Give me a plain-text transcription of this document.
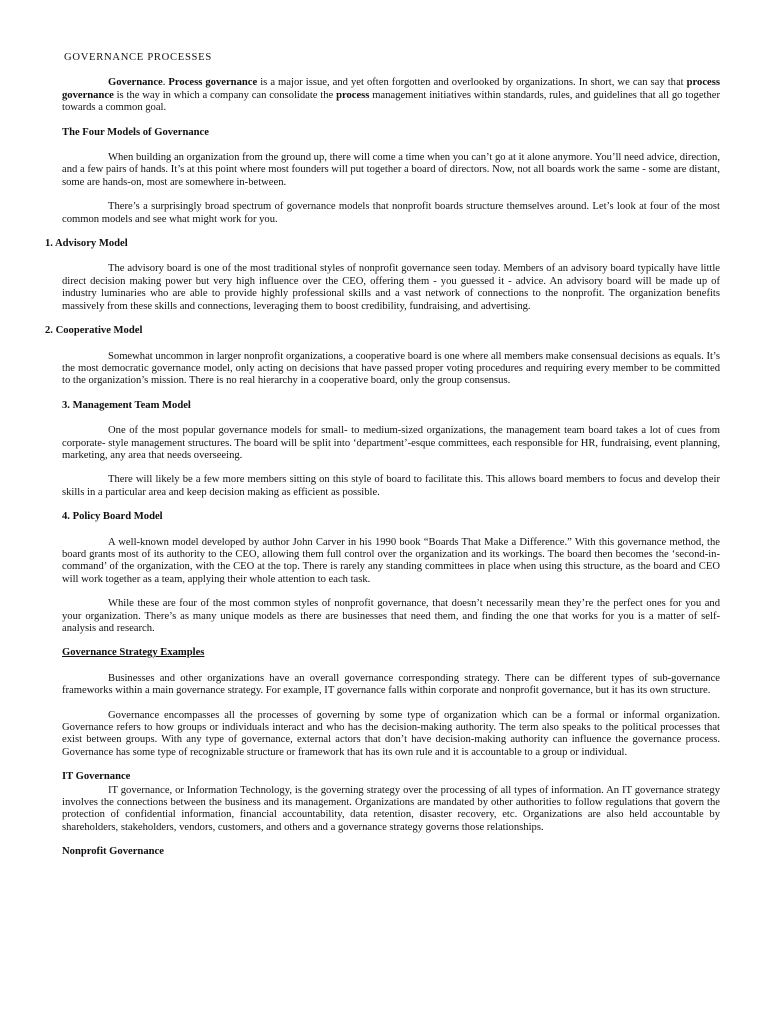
GOVERNANCE PROCESSES

Governance. Process governance is a major issue, and yet often forgotten and overlooked by organizations. In short, we can say that process governance is the way in which a company can consolidate the process management initiatives within standards, rules, and guidelines that all go together towards a common goal.

The Four Models of Governance

When building an organization from the ground up, there will come a time when you can’t go at it alone anymore. You’ll need advice, direction, and a few pairs of hands. It’s at this point where most founders will put together a board of directors. Now, not all boards work the same - some are distant, some are hands-on, most are somewhere in-between.

There’s a surprisingly broad spectrum of governance models that nonprofit boards structure themselves around. Let’s look at four of the most common models and see what might work for you.

1. Advisory Model

The advisory board is one of the most traditional styles of nonprofit governance seen today. Members of an advisory board typically have little direct decision making power but very high influence over the CEO, offering them - you guessed it - advice. An advisory board will be made up of industry luminaries who are able to provide highly professional skills and a vast network of connections to the nonprofit. The organization benefits massively from these skills and connections, leveraging them to boost credibility, fundraising, and advertising.

2. Cooperative Model

Somewhat uncommon in larger nonprofit organizations, a cooperative board is one where all members make consensual decisions as equals. It’s the most democratic governance model, only acting on decisions that have passed proper voting procedures and requiring every member to be committed to the organization’s mission. There is no real hierarchy in a cooperative board, only the group consensus.

3. Management Team Model

One of the most popular governance models for small- to medium-sized organizations, the management team board takes a lot of cues from corporate- style management structures. The board will be split into ‘department’-esque committees, each responsible for HR, fundraising, event planning, marketing, any area that needs overseeing.

There will likely be a few more members sitting on this style of board to facilitate this. This allows board members to focus and develop their skills in a particular area and keep decision making as efficient as possible.

4. Policy Board Model

A well-known model developed by author John Carver in his 1990 book “Boards That Make a Difference.” With this governance method, the board grants most of its authority to the CEO, allowing them full control over the organization and its workings. The board then becomes the ‘second-in-command’ of the organization, with the CEO at the top. There is rarely any standing committees in place when using this structure, as the board and CEO will work together as a team, applying their whole attention to each task.

While these are four of the most common styles of nonprofit governance, that doesn’t necessarily mean they’re the perfect ones for you and your organization. There’s as many unique models as there are businesses that need them, and finding the one that works for you is a matter of self-analysis and research.

Governance Strategy Examples

Businesses and other organizations have an overall governance corresponding strategy. There can be different types of sub-governance frameworks within a main governance strategy. For example, IT governance falls within corporate and nonprofit governance, but it has its own structure.

Governance encompasses all the processes of governing by some type of organization which can be a formal or informal organization. Governance refers to how groups or individuals interact and who has the decision-making authority. The term also speaks to the political processes that exist between groups. With any type of governance, external actors that don’t have decision-making authority can influence the governance process. Governance has some type of recognizable structure or framework that has its own rule and it is accountable to a group or individual.

IT Governance

IT governance, or Information Technology, is the governing strategy over the processing of all types of information. An IT governance strategy involves the connections between the business and its management. Organizations are mandated by other authorities to follow regulations that govern the protection of confidential information, financial accountability, data retention, disaster recovery, etc. Organizations are also held accountable by shareholders, stakeholders, vendors, customers, and others and a governance strategy governs those relationships.

Nonprofit Governance
